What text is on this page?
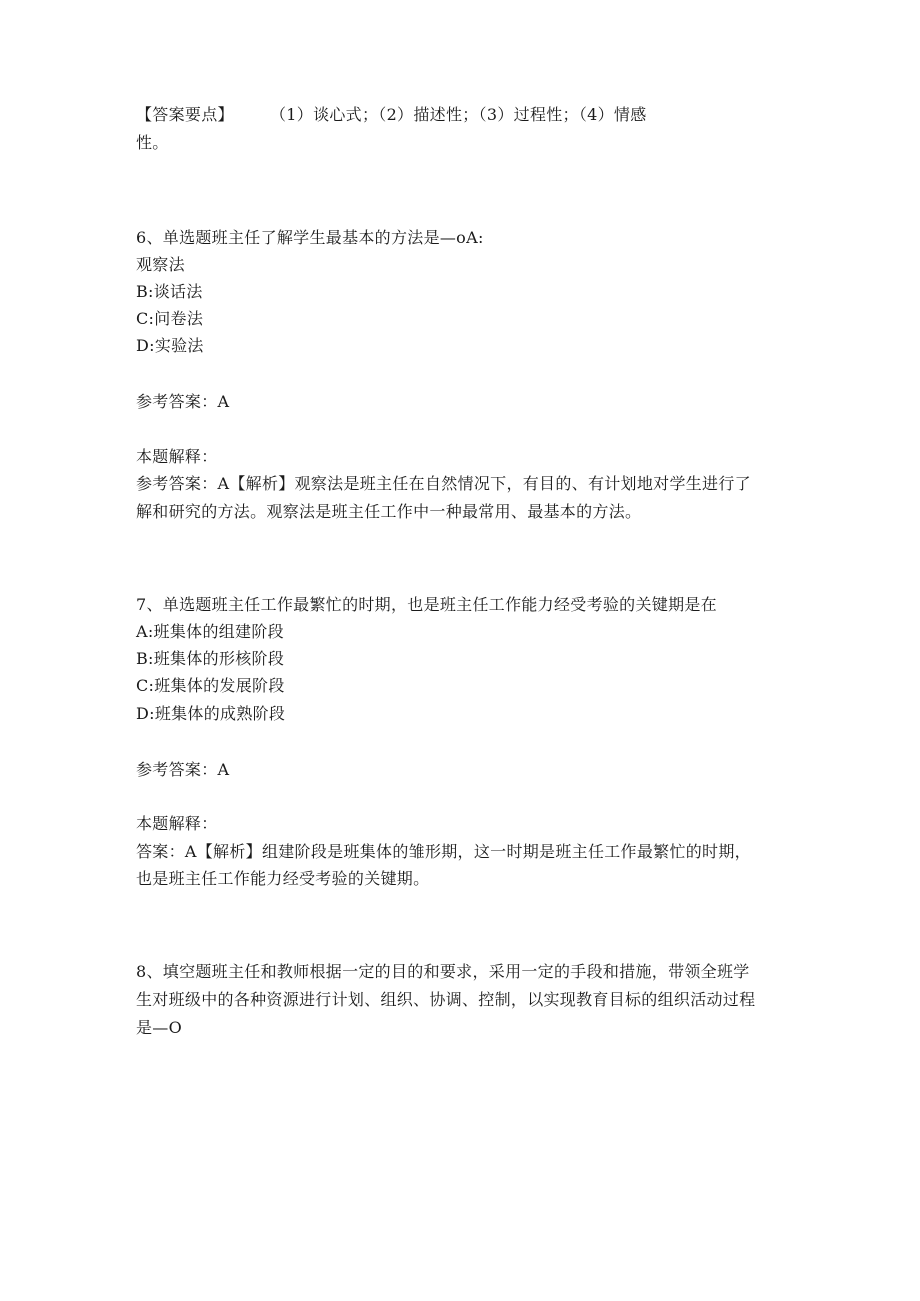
【答案要点】 （1）谈心式；（2）描述性；（3）过程性；（4）情感
性。
6、单选题班主任了解学生最基本的方法是—oA:
观察法
B:谈话法
C:问卷法
D:实验法
参考答案：A
本题解释：
参考答案：A【解析】观察法是班主任在自然情况下，有目的、有计划地对学生进行了
解和研究的方法。观察法是班主任工作中一种最常用、最基本的方法。
7、单选题班主任工作最繁忙的时期，也是班主任工作能力经受考验的关键期是在
A:班集体的组建阶段
B:班集体的形核阶段
C:班集体的发展阶段
D:班集体的成熟阶段
参考答案：A
本题解释：
答案：A【解析】组建阶段是班集体的雏形期，这一时期是班主任工作最繁忙的时期，
也是班主任工作能力经受考验的关键期。
8、填空题班主任和教师根据一定的目的和要求，采用一定的手段和措施，带领全班学
生对班级中的各种资源进行计划、组织、协调、控制，以实现教育目标的组织活动过程
是—O
